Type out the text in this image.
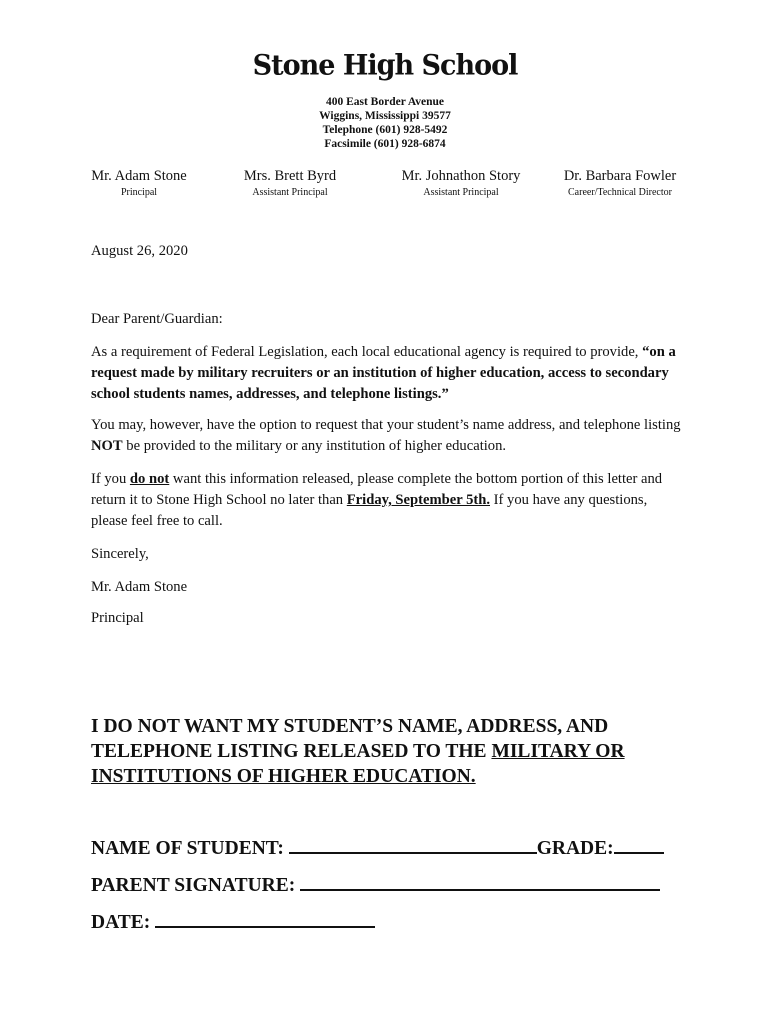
Stone High School
400 East Border Avenue
Wiggins, Mississippi 39577
Telephone (601) 928-5492
Facsimile (601) 928-6874
Mr. Adam Stone
Principal
Mrs. Brett Byrd
Assistant Principal
Mr. Johnathon Story
Assistant Principal
Dr. Barbara Fowler
Career/Technical Director
August 26, 2020
Dear Parent/Guardian:
As a requirement of Federal Legislation, each local educational agency is required to provide, “on a request made by military recruiters or an institution of higher education, access to secondary school students names, addresses, and telephone listings.”
You may, however, have the option to request that your student’s name address, and telephone listing NOT be provided to the military or any institution of higher education.
If you do not want this information released, please complete the bottom portion of this letter and return it to Stone High School no later than Friday, September 5th. If you have any questions, please feel free to call.
Sincerely,
Mr. Adam Stone
Principal
I DO NOT WANT MY STUDENT’S NAME, ADDRESS, AND TELEPHONE LISTING RELEASED TO THE MILITARY OR INSTITUTIONS OF HIGHER EDUCATION.
NAME OF STUDENT:	GRADE:
PARENT SIGNATURE:
DATE:
